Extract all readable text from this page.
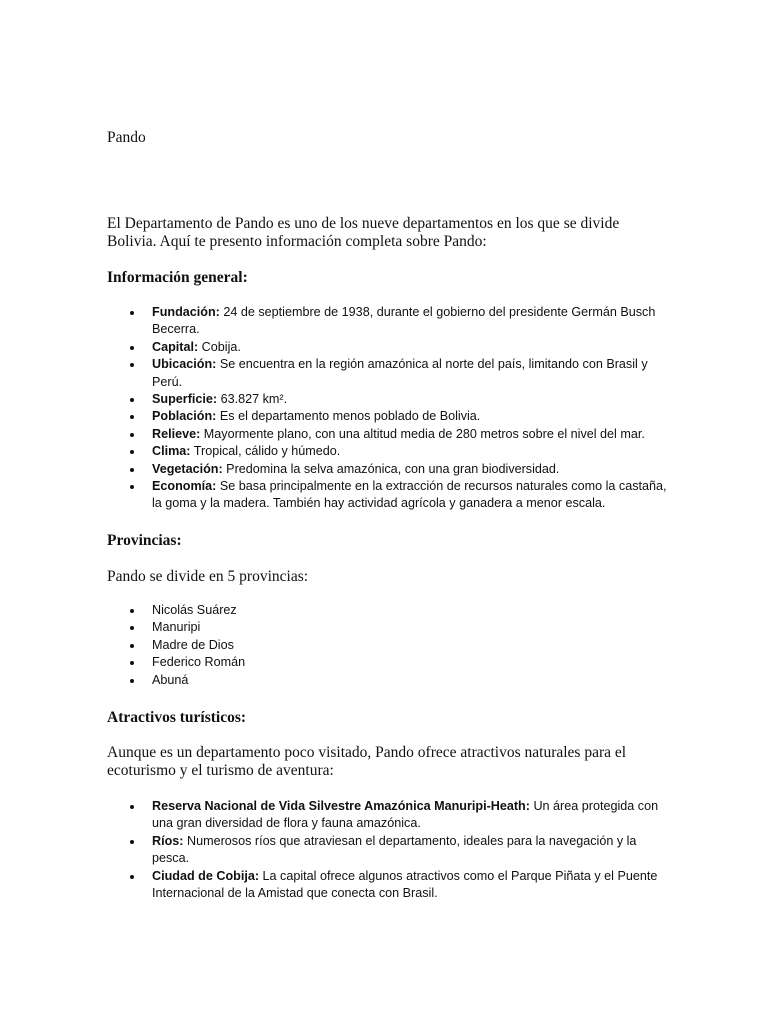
Pando

El Departamento de Pando es uno de los nueve departamentos en los que se divide Bolivia. Aquí te presento información completa sobre Pando:

Información general:
Fundación: 24 de septiembre de 1938, durante el gobierno del presidente Germán Busch Becerra.
Capital: Cobija.
Ubicación: Se encuentra en la región amazónica al norte del país, limitando con Brasil y Perú.
Superficie: 63.827 km².
Población: Es el departamento menos poblado de Bolivia.
Relieve: Mayormente plano, con una altitud media de 280 metros sobre el nivel del mar.
Clima: Tropical, cálido y húmedo.
Vegetación: Predomina la selva amazónica, con una gran biodiversidad.
Economía: Se basa principalmente en la extracción de recursos naturales como la castaña, la goma y la madera. También hay actividad agrícola y ganadera a menor escala.
Provincias:

Pando se divide en 5 provincias:

Nicolás Suárez
Manuripi
Madre de Dios
Federico Román
Abuná
Atractivos turísticos:

Aunque es un departamento poco visitado, Pando ofrece atractivos naturales para el ecoturismo y el turismo de aventura:

Reserva Nacional de Vida Silvestre Amazónica Manuripi-Heath: Un área protegida con una gran diversidad de flora y fauna amazónica.
Ríos: Numerosos ríos que atraviesan el departamento, ideales para la navegación y la pesca.
Ciudad de Cobija: La capital ofrece algunos atractivos como el Parque Piñata y el Puente Internacional de la Amistad que conecta con Brasil.
